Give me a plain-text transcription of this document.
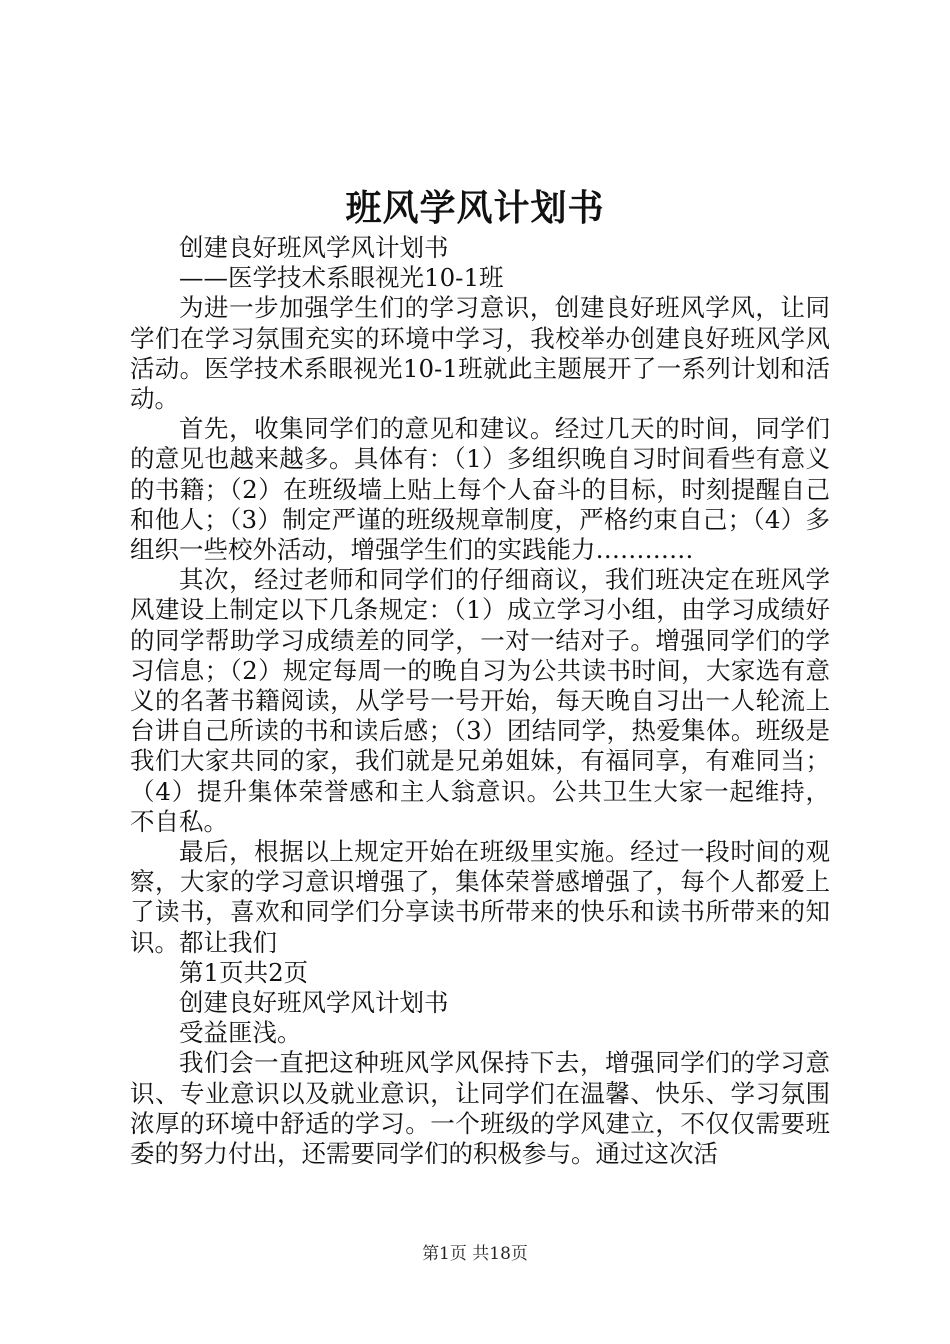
班风学风计划书

创建良好班风学风计划书

——医学技术系眼视光10-1班

为进一步加强学生们的学习意识，创建良好班风学风，让同学们在学习氛围充实的环境中学习，我校举办创建良好班风学风活动。医学技术系眼视光10-1班就此主题展开了一系列计划和活动。

首先，收集同学们的意见和建议。经过几天的时间，同学们的意见也越来越多。具体有：（1）多组织晚自习时间看些有意义的书籍；（2）在班级墙上贴上每个人奋斗的目标，时刻提醒自己和他人；（3）制定严谨的班级规章制度，严格约束自己；（4）多组织一些校外活动，增强学生们的实践能力…………

其次，经过老师和同学们的仔细商议，我们班决定在班风学风建设上制定以下几条规定：（1）成立学习小组，由学习成绩好的同学帮助学习成绩差的同学，一对一结对子。增强同学们的学习信息；（2）规定每周一的晚自习为公共读书时间，大家选有意义的名著书籍阅读，从学号一号开始，每天晚自习出一人轮流上台讲自己所读的书和读后感；（3）团结同学，热爱集体。班级是我们大家共同的家，我们就是兄弟姐妹，有福同享，有难同当；（4）提升集体荣誉感和主人翁意识。公共卫生大家一起维持，不自私。

最后，根据以上规定开始在班级里实施。经过一段时间的观察，大家的学习意识增强了，集体荣誉感增强了，每个人都爱上了读书，喜欢和同学们分享读书所带来的快乐和读书所带来的知识。都让我们

第1页共2页

创建良好班风学风计划书

受益匪浅。

我们会一直把这种班风学风保持下去，增强同学们的学习意识、专业意识以及就业意识，让同学们在温馨、快乐、学习氛围浓厚的环境中舒适的学习。一个班级的学风建立，不仅仅需要班委的努力付出，还需要同学们的积极参与。通过这次活

第1页 共18页
